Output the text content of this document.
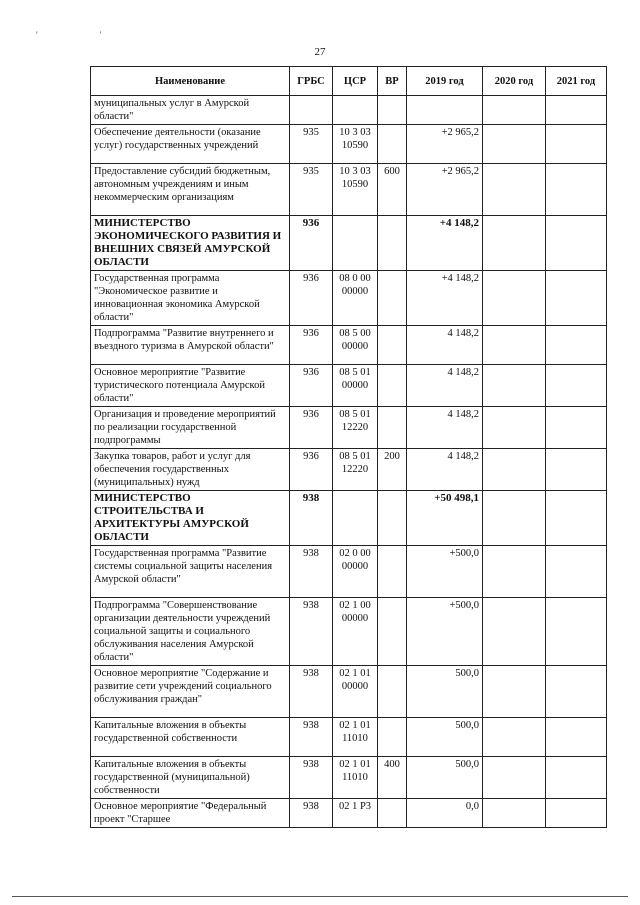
' '
27
Наименование	ГРБС	ЦСР	ВР	2019 год	2020 год	2021 год
муниципальных услуг в Амурской области"						
Обеспечение деятельности (оказание услуг) государственных учреждений	935	10 3 03 10590		+2 965,2		
Предоставление субсидий бюджетным, автономным учреждениям и иным некоммерческим организациям	935	10 3 03 10590	600	+2 965,2		
МИНИСТЕРСТВО ЭКОНОМИЧЕСКОГО РАЗВИТИЯ И ВНЕШНИХ СВЯЗЕЙ АМУРСКОЙ ОБЛАСТИ	936			+4 148,2		
Государственная программа "Экономическое развитие и инновационная экономика Амурской области"	936	08 0 00 00000		+4 148,2		
Подпрограмма "Развитие внутреннего и въездного туризма в Амурской области"	936	08 5 00 00000		4 148,2		
Основное мероприятие "Развитие туристического потенциала Амурской области"	936	08 5 01 00000		4 148,2		
Организация и проведение мероприятий по реализации государственной подпрограммы	936	08 5 01 12220		4 148,2		
Закупка товаров, работ и услуг для обеспечения государственных (муниципальных) нужд	936	08 5 01 12220	200	4 148,2		
МИНИСТЕРСТВО СТРОИТЕЛЬСТВА И АРХИТЕКТУРЫ АМУРСКОЙ ОБЛАСТИ	938			+50 498,1		
Государственная программа "Развитие системы социальной защиты населения Амурской области"	938	02 0 00 00000		+500,0		
Подпрограмма "Совершенствование организации деятельности учреждений социальной защиты и социального обслуживания населения Амурской области"	938	02 1 00 00000		+500,0		
Основное мероприятие "Содержание и развитие сети учреждений социального обслуживания граждан"	938	02 1 01 00000		500,0		
Капитальные вложения в объекты государственной собственности	938	02 1 01 11010		500,0		
Капитальные вложения в объекты государственной (муниципальной) собственности	938	02 1 01 11010	400	500,0		
Основное мероприятие "Федеральный проект "Старшее	938	02 1 P3		0,0		
